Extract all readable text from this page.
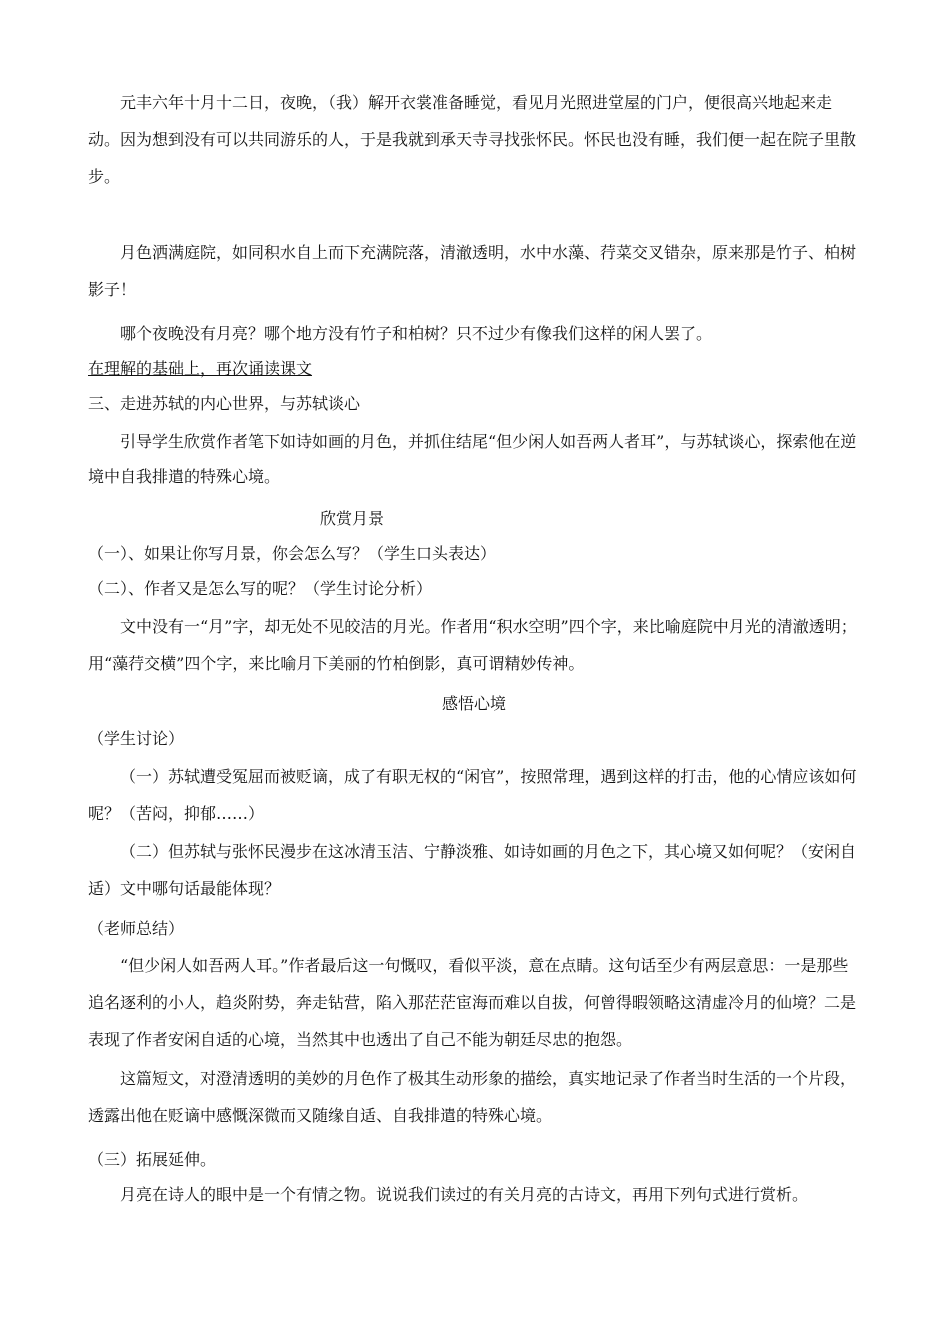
元丰六年十月十二日，夜晚，（我）解开衣裳准备睡觉，看见月光照进堂屋的门户，便很高兴地起来走动。因为想到没有可以共同游乐的人，于是我就到承天寺寻找张怀民。怀民也没有睡，我们便一起在院子里散步。

月色洒满庭院，如同积水自上而下充满院落，清澈透明，水中水藻、荇菜交叉错杂，原来那是竹子、柏树影子！

哪个夜晚没有月亮？哪个地方没有竹子和柏树？只不过少有像我们这样的闲人罢了。

在理解的基础上，再次诵读课文

三、走进苏轼的内心世界，与苏轼谈心

引导学生欣赏作者笔下如诗如画的月色，并抓住结尾“但少闲人如吾两人者耳”，与苏轼谈心，探索他在逆境中自我排遣的特殊心境。

欣赏月景

（一）、如果让你写月景，你会怎么写？（学生口头表达）

（二）、作者又是怎么写的呢？（学生讨论分析）

文中没有一“月”字，却无处不见皎洁的月光。作者用“积水空明”四个字，来比喻庭院中月光的清澈透明；用“藻荇交横”四个字，来比喻月下美丽的竹柏倒影，真可谓精妙传神。

感悟心境

（学生讨论）

（一）苏轼遭受冤屈而被贬谪，成了有职无权的“闲官”，按照常理，遇到这样的打击，他的心情应该如何呢？（苦闷，抑郁……）

（二）但苏轼与张怀民漫步在这冰清玉洁、宁静淡雅、如诗如画的月色之下，其心境又如何呢？（安闲自适）文中哪句话最能体现？

（老师总结）

“但少闲人如吾两人耳。”作者最后这一句慨叹，看似平淡，意在点睛。这句话至少有两层意思：一是那些追名逐利的小人，趋炎附势，奔走钻营，陷入那茫茫宦海而难以自拔，何曾得暇领略这清虚冷月的仙境？二是表现了作者安闲自适的心境，当然其中也透出了自己不能为朝廷尽忠的抱怨。

这篇短文，对澄清透明的美妙的月色作了极其生动形象的描绘，真实地记录了作者当时生活的一个片段，透露出他在贬谪中感慨深微而又随缘自适、自我排遣的特殊心境。

（三）拓展延伸。

月亮在诗人的眼中是一个有情之物。说说我们读过的有关月亮的古诗文，再用下列句式进行赏析。
